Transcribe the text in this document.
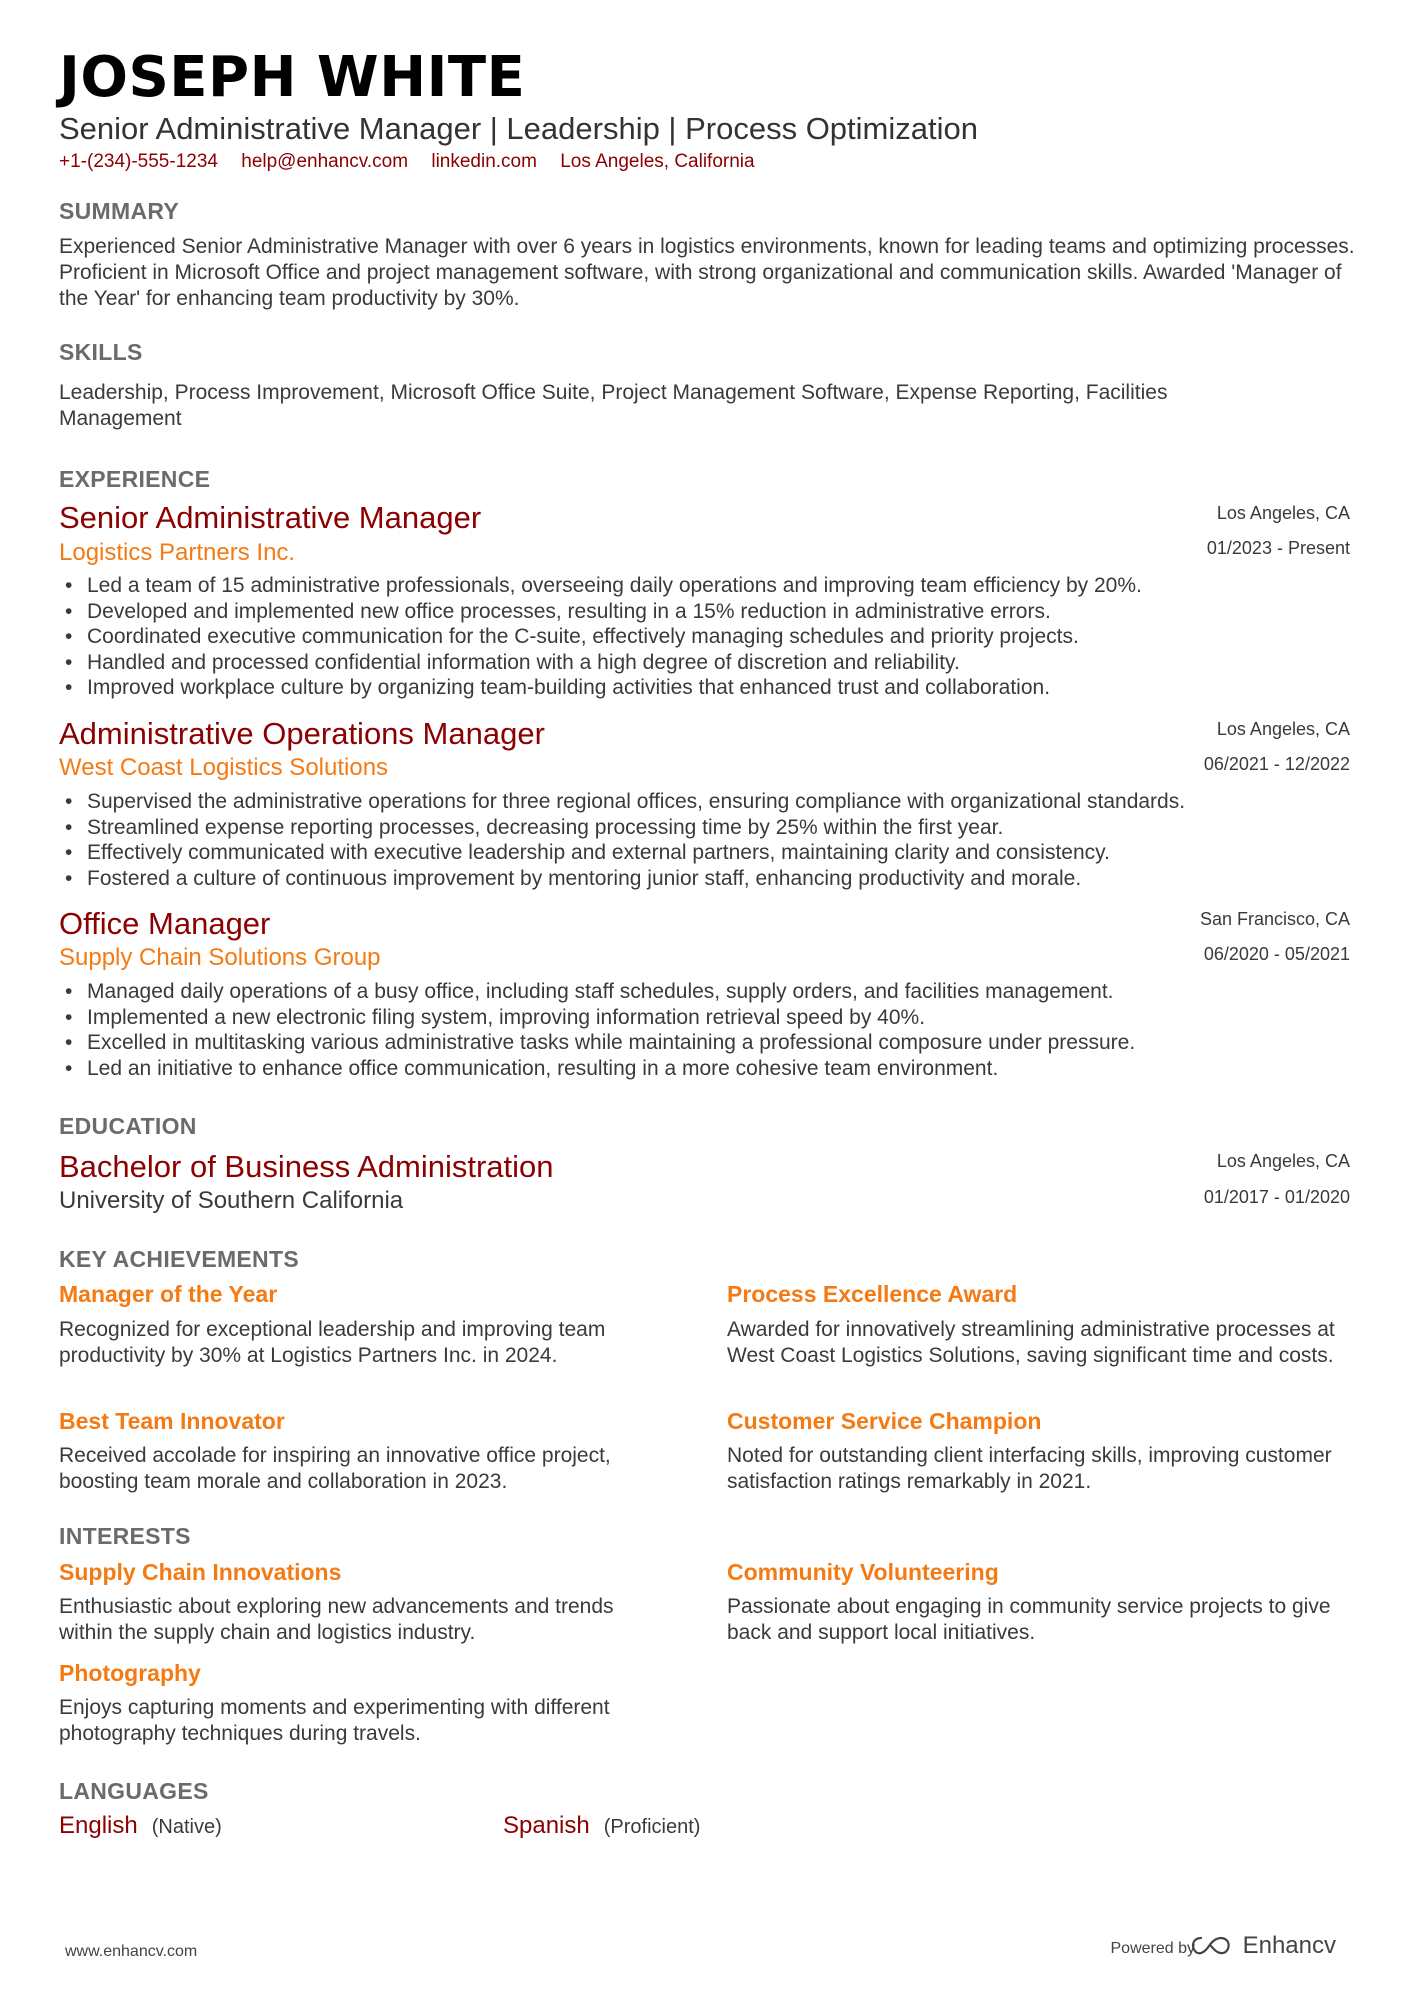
JOSEPH WHITE
Senior Administrative Manager | Leadership | Process Optimization
+1-(234)-555-1234 help@enhancv.com linkedin.com Los Angeles, California
SUMMARY
Experienced Senior Administrative Manager with over 6 years in logistics environments, known for leading teams and optimizing processes. Proficient in Microsoft Office and project management software, with strong organizational and communication skills. Awarded 'Manager of the Year' for enhancing team productivity by 30%.
SKILLS
Leadership, Process Improvement, Microsoft Office Suite, Project Management Software, Expense Reporting, Facilities Management
EXPERIENCE
Senior Administrative Manager
Logistics Partners Inc.
Los Angeles, CA
01/2023 - Present
• Led a team of 15 administrative professionals, overseeing daily operations and improving team efficiency by 20%.
• Developed and implemented new office processes, resulting in a 15% reduction in administrative errors.
• Coordinated executive communication for the C-suite, effectively managing schedules and priority projects.
• Handled and processed confidential information with a high degree of discretion and reliability.
• Improved workplace culture by organizing team-building activities that enhanced trust and collaboration.
Administrative Operations Manager
West Coast Logistics Solutions
Los Angeles, CA
06/2021 - 12/2022
• Supervised the administrative operations for three regional offices, ensuring compliance with organizational standards.
• Streamlined expense reporting processes, decreasing processing time by 25% within the first year.
• Effectively communicated with executive leadership and external partners, maintaining clarity and consistency.
• Fostered a culture of continuous improvement by mentoring junior staff, enhancing productivity and morale.
Office Manager
Supply Chain Solutions Group
San Francisco, CA
06/2020 - 05/2021
• Managed daily operations of a busy office, including staff schedules, supply orders, and facilities management.
• Implemented a new electronic filing system, improving information retrieval speed by 40%.
• Excelled in multitasking various administrative tasks while maintaining a professional composure under pressure.
• Led an initiative to enhance office communication, resulting in a more cohesive team environment.
EDUCATION
Bachelor of Business Administration
University of Southern California
Los Angeles, CA
01/2017 - 01/2020
KEY ACHIEVEMENTS
Manager of the Year
Recognized for exceptional leadership and improving team productivity by 30% at Logistics Partners Inc. in 2024.
Process Excellence Award
Awarded for innovatively streamlining administrative processes at West Coast Logistics Solutions, saving significant time and costs.
Best Team Innovator
Received accolade for inspiring an innovative office project, boosting team morale and collaboration in 2023.
Customer Service Champion
Noted for outstanding client interfacing skills, improving customer satisfaction ratings remarkably in 2021.
INTERESTS
Supply Chain Innovations
Enthusiastic about exploring new advancements and trends within the supply chain and logistics industry.
Community Volunteering
Passionate about engaging in community service projects to give back and support local initiatives.
Photography
Enjoys capturing moments and experimenting with different photography techniques during travels.
LANGUAGES
English (Native)	Spanish (Proficient)
www.enhancv.com	Powered by Enhancv
